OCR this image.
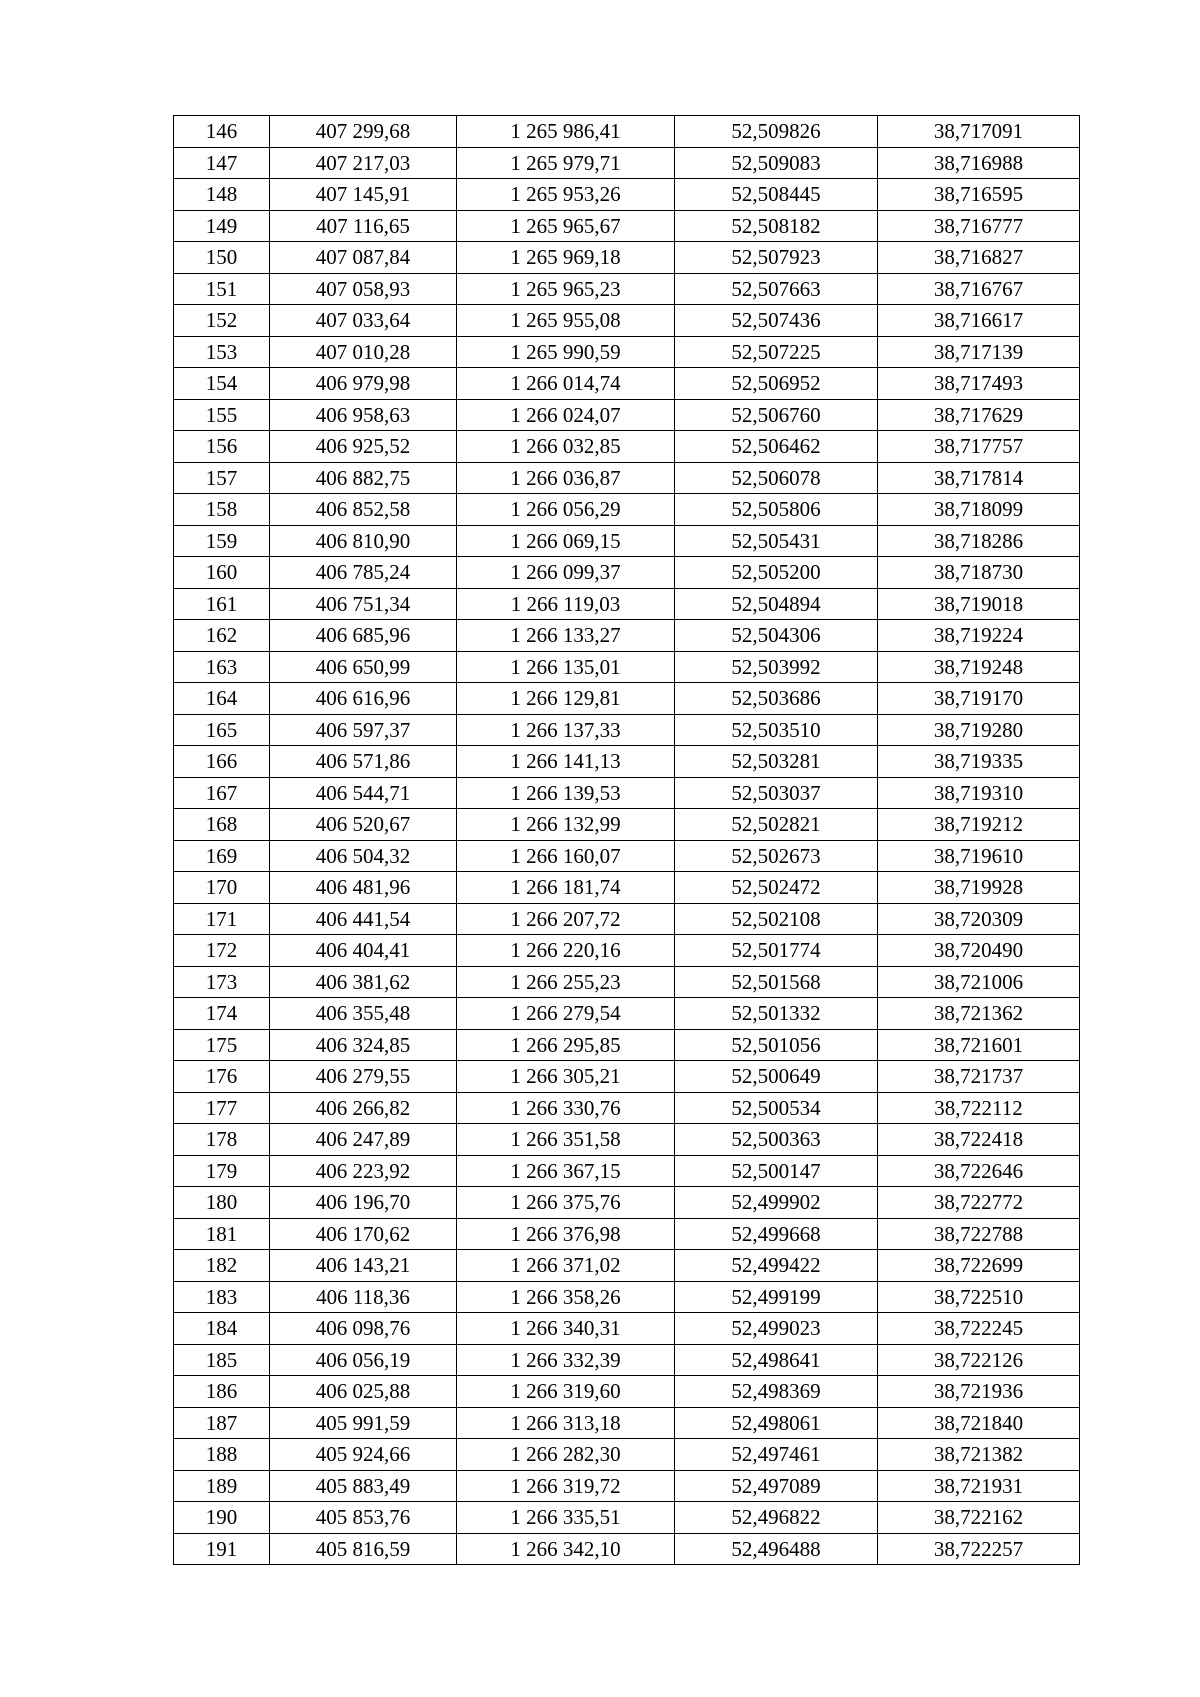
146	407 299,68	1 265 986,41	52,509826	38,717091
147	407 217,03	1 265 979,71	52,509083	38,716988
148	407 145,91	1 265 953,26	52,508445	38,716595
149	407 116,65	1 265 965,67	52,508182	38,716777
150	407 087,84	1 265 969,18	52,507923	38,716827
151	407 058,93	1 265 965,23	52,507663	38,716767
152	407 033,64	1 265 955,08	52,507436	38,716617
153	407 010,28	1 265 990,59	52,507225	38,717139
154	406 979,98	1 266 014,74	52,506952	38,717493
155	406 958,63	1 266 024,07	52,506760	38,717629
156	406 925,52	1 266 032,85	52,506462	38,717757
157	406 882,75	1 266 036,87	52,506078	38,717814
158	406 852,58	1 266 056,29	52,505806	38,718099
159	406 810,90	1 266 069,15	52,505431	38,718286
160	406 785,24	1 266 099,37	52,505200	38,718730
161	406 751,34	1 266 119,03	52,504894	38,719018
162	406 685,96	1 266 133,27	52,504306	38,719224
163	406 650,99	1 266 135,01	52,503992	38,719248
164	406 616,96	1 266 129,81	52,503686	38,719170
165	406 597,37	1 266 137,33	52,503510	38,719280
166	406 571,86	1 266 141,13	52,503281	38,719335
167	406 544,71	1 266 139,53	52,503037	38,719310
168	406 520,67	1 266 132,99	52,502821	38,719212
169	406 504,32	1 266 160,07	52,502673	38,719610
170	406 481,96	1 266 181,74	52,502472	38,719928
171	406 441,54	1 266 207,72	52,502108	38,720309
172	406 404,41	1 266 220,16	52,501774	38,720490
173	406 381,62	1 266 255,23	52,501568	38,721006
174	406 355,48	1 266 279,54	52,501332	38,721362
175	406 324,85	1 266 295,85	52,501056	38,721601
176	406 279,55	1 266 305,21	52,500649	38,721737
177	406 266,82	1 266 330,76	52,500534	38,722112
178	406 247,89	1 266 351,58	52,500363	38,722418
179	406 223,92	1 266 367,15	52,500147	38,722646
180	406 196,70	1 266 375,76	52,499902	38,722772
181	406 170,62	1 266 376,98	52,499668	38,722788
182	406 143,21	1 266 371,02	52,499422	38,722699
183	406 118,36	1 266 358,26	52,499199	38,722510
184	406 098,76	1 266 340,31	52,499023	38,722245
185	406 056,19	1 266 332,39	52,498641	38,722126
186	406 025,88	1 266 319,60	52,498369	38,721936
187	405 991,59	1 266 313,18	52,498061	38,721840
188	405 924,66	1 266 282,30	52,497461	38,721382
189	405 883,49	1 266 319,72	52,497089	38,721931
190	405 853,76	1 266 335,51	52,496822	38,722162
191	405 816,59	1 266 342,10	52,496488	38,722257
